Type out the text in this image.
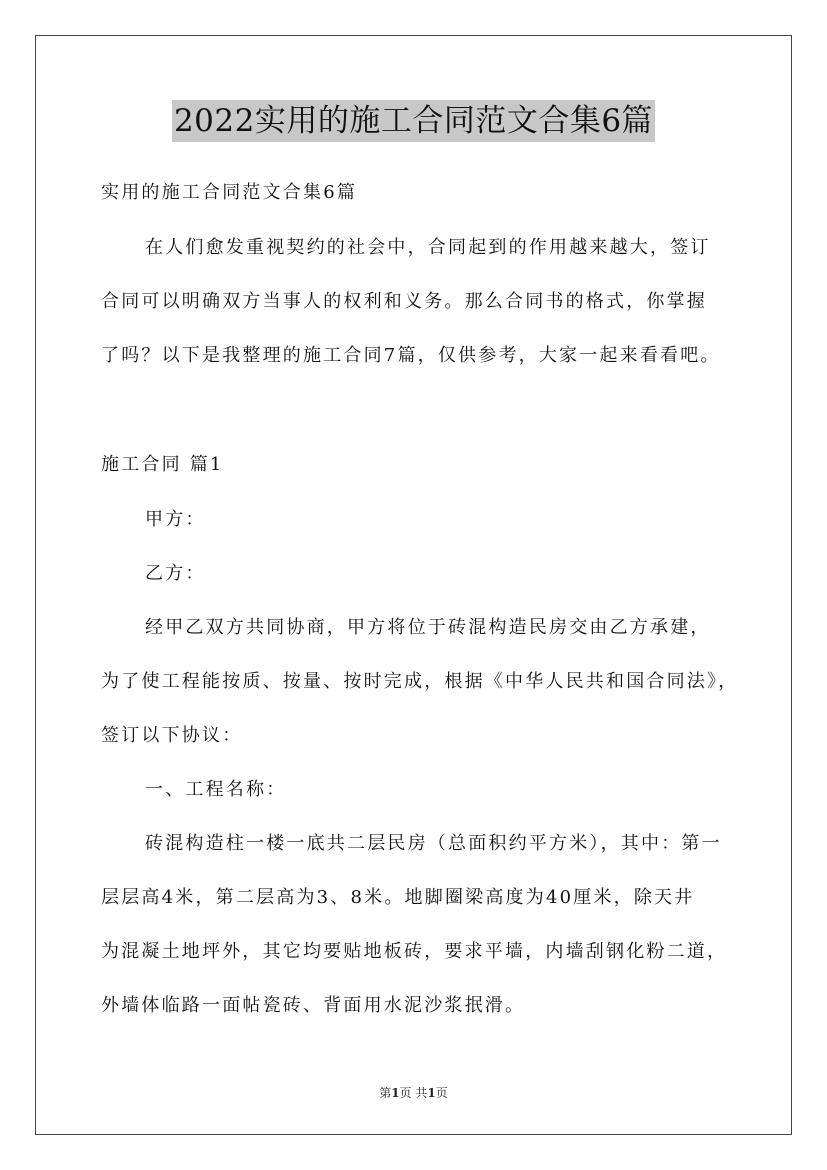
2022实用的施工合同范文合集6篇
实用的施工合同范文合集6篇
在人们愈发重视契约的社会中，合同起到的作用越来越大，签订
合同可以明确双方当事人的权利和义务。那么合同书的格式，你掌握
了吗？以下是我整理的施工合同7篇，仅供参考，大家一起来看看吧。
施工合同 篇1
甲方：
乙方：
经甲乙双方共同协商，甲方将位于砖混构造民房交由乙方承建，
为了使工程能按质、按量、按时完成，根据《中华人民共和国合同法》，
签订以下协议：
一、工程名称：
砖混构造柱一楼一底共二层民房（总面积约平方米），其中：第一
层层高4米，第二层高为3、8米。地脚圈梁高度为40厘米，除天井
为混凝土地坪外，其它均要贴地板砖，要求平墙，内墙刮钢化粉二道，
外墙体临路一面帖瓷砖、背面用水泥沙浆抿滑。
第1页 共1页
